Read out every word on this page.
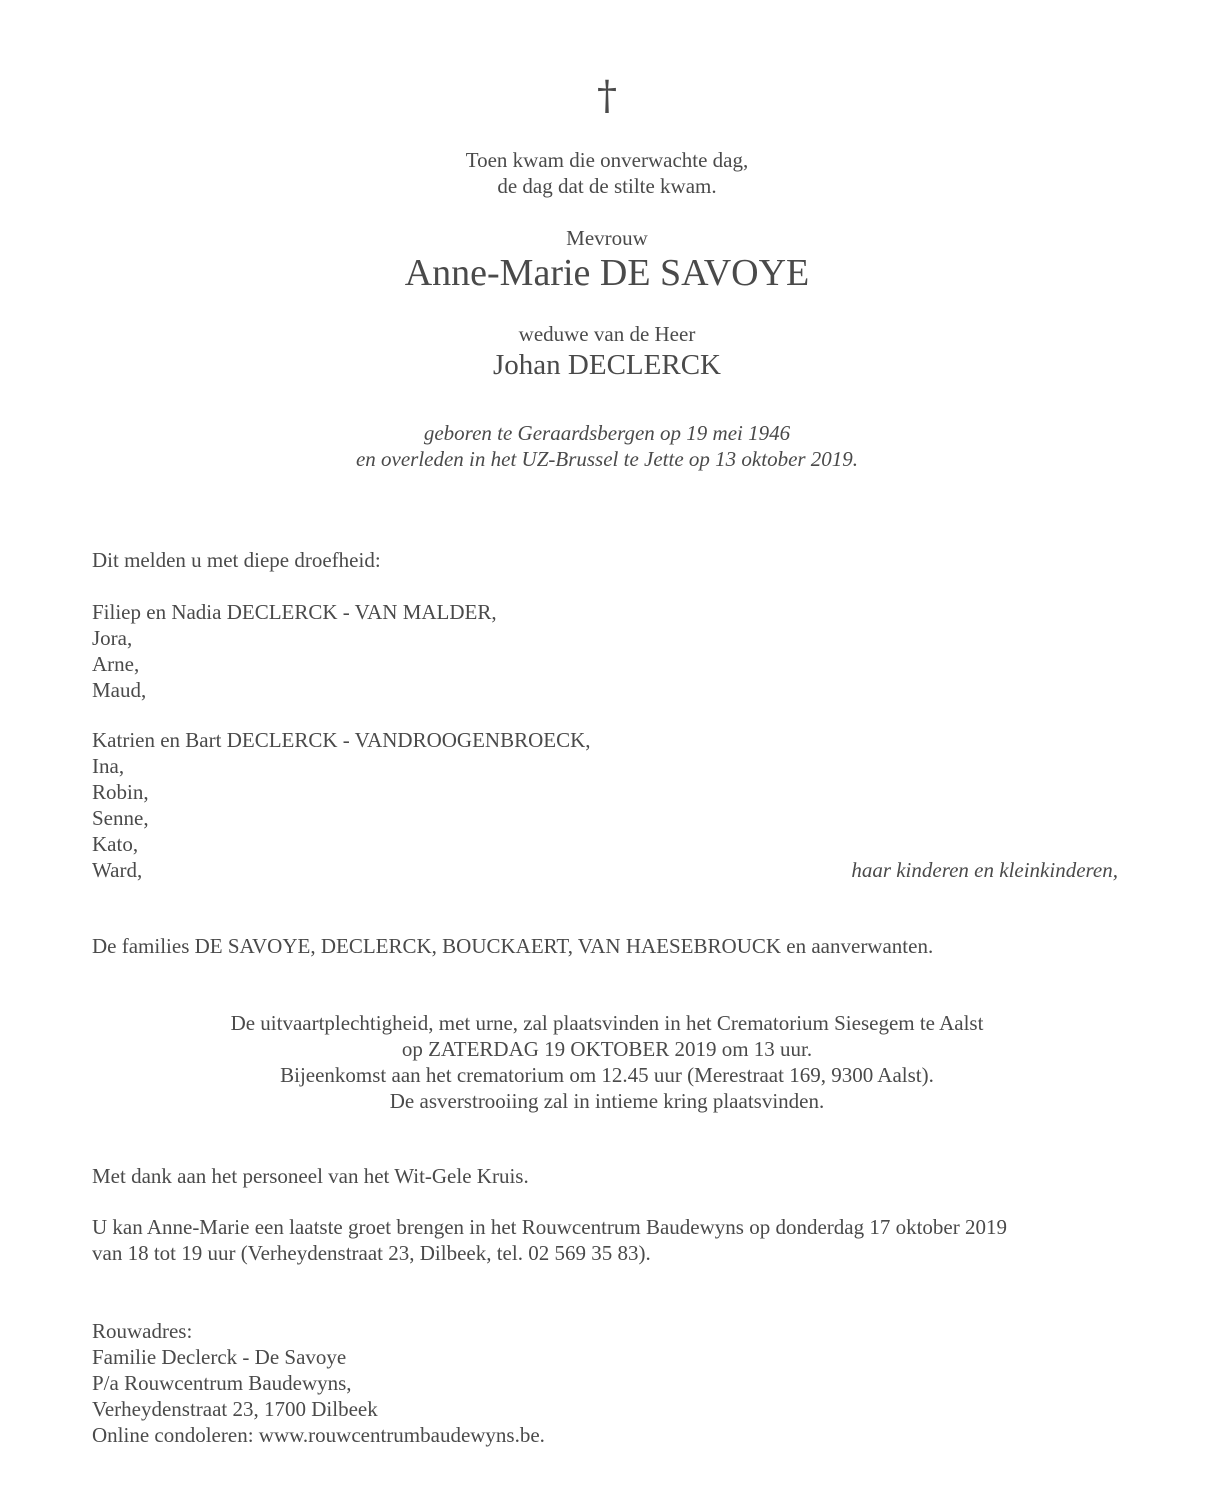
†
Toen kwam die onverwachte dag,
de dag dat de stilte kwam.
Mevrouw
Anne-Marie DE SAVOYE
weduwe van de Heer
Johan DECLERCK
geboren te Geraardsbergen op 19 mei 1946
en overleden in het UZ-Brussel te Jette op 13 oktober 2019.
Dit melden u met diepe droefheid:
Filiep en Nadia DECLERCK - VAN MALDER,
Jora,
Arne,
Maud,
Katrien en Bart DECLERCK - VANDROOGENBROECK,
Ina,
Robin,
Senne,
Kato,
Ward,	haar kinderen en kleinkinderen,
De families DE SAVOYE, DECLERCK, BOUCKAERT, VAN HAESEBROUCK en aanverwanten.
De uitvaartplechtigheid, met urne, zal plaatsvinden in het Crematorium Siesegem te Aalst
op ZATERDAG 19 OKTOBER 2019 om 13 uur.
Bijeenkomst aan het crematorium om 12.45 uur (Merestraat 169, 9300 Aalst).
De asverstrooiing zal in intieme kring plaatsvinden.
Met dank aan het personeel van het Wit-Gele Kruis.
U kan Anne-Marie een laatste groet brengen in het Rouwcentrum Baudewyns op donderdag 17 oktober 2019
van 18 tot 19 uur (Verheydenstraat 23, Dilbeek, tel. 02 569 35 83).
Rouwadres:
Familie Declerck - De Savoye
P/a Rouwcentrum Baudewyns,
Verheydenstraat 23, 1700 Dilbeek
Online condoleren: www.rouwcentrumbaudewyns.be.
